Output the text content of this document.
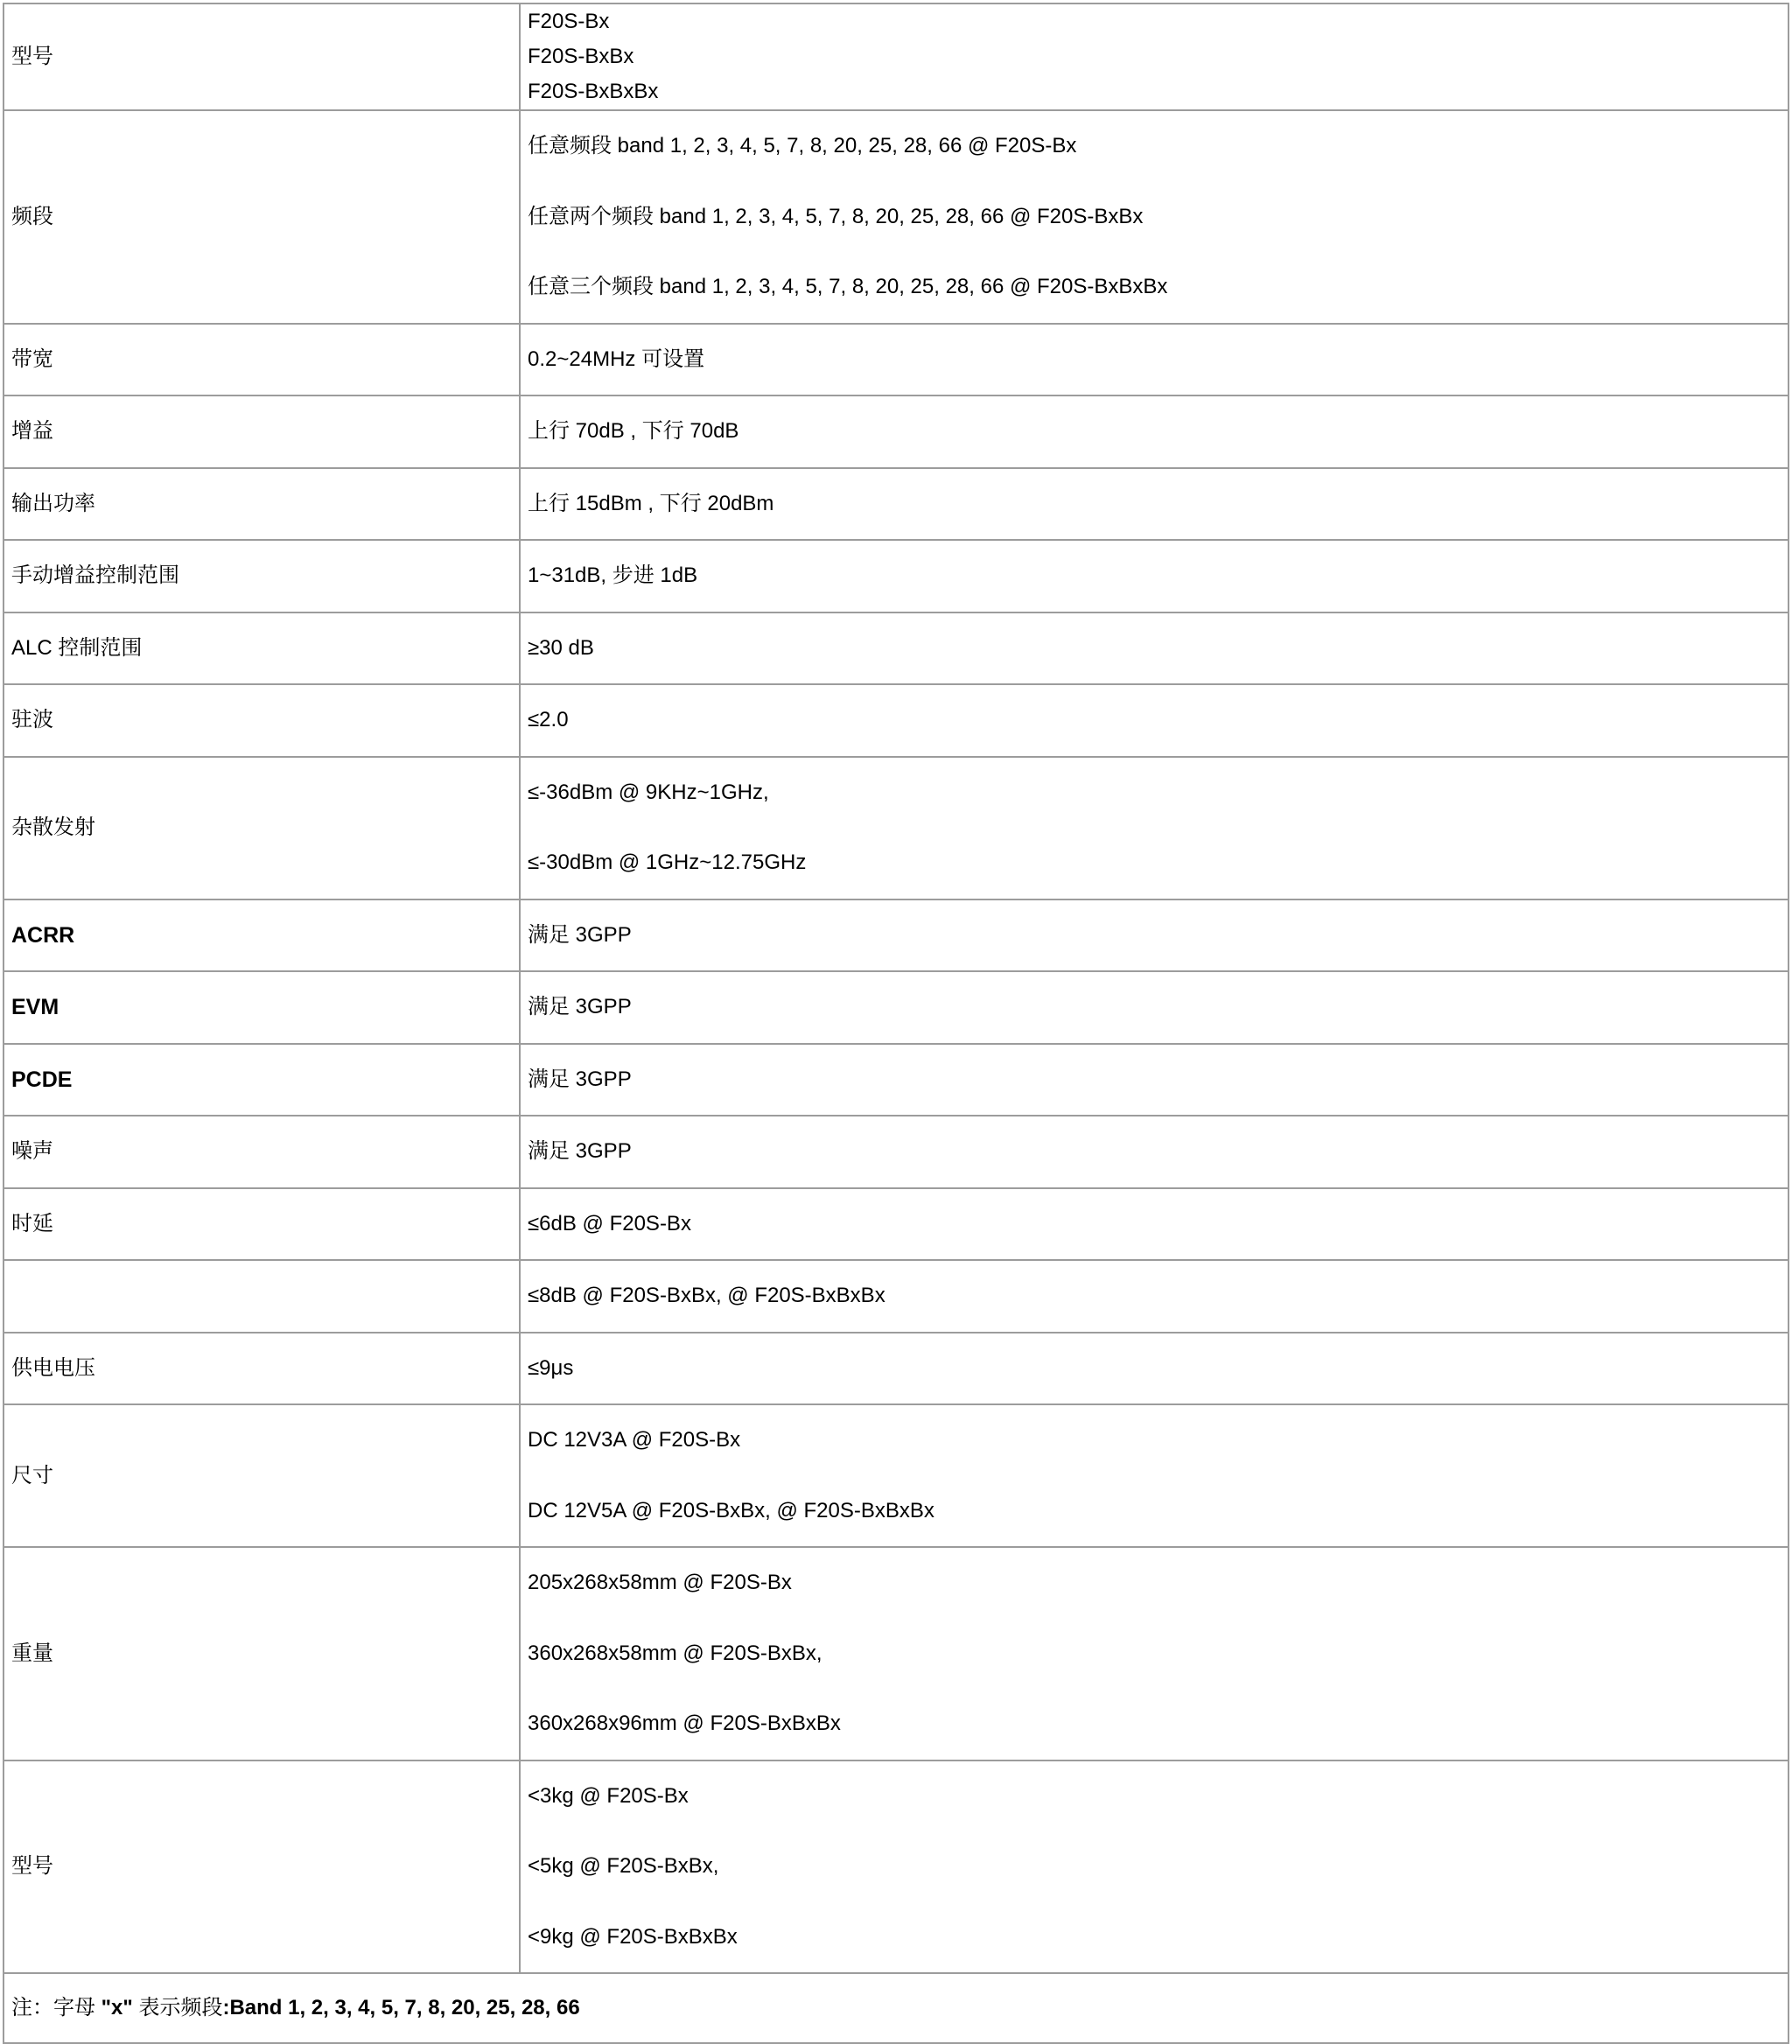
型号	F20S-Bx
F20S-BxBx
F20S-BxBxBx

频段	任意频段 band 1, 2, 3, 4, 5, 7, 8, 20, 25, 28, 66 @ F20S-Bx
任意两个频段 band 1, 2, 3, 4, 5, 7, 8, 20, 25, 28, 66 @ F20S-BxBx
任意三个频段 band 1, 2, 3, 4, 5, 7, 8, 20, 25, 28, 66 @ F20S-BxBxBx

带宽	0.2~24MHz 可设置

增益	上行 70dB , 下行 70dB

输出功率	上行 15dBm , 下行 20dBm

手动增益控制范围	1~31dB, 步进 1dB

ALC 控制范围	≥30 dB

驻波	≤2.0

杂散发射	≤-36dBm @ 9KHz~1GHz,
≤-30dBm @ 1GHz~12.75GHz

ACRR	满足 3GPP

EVM	满足 3GPP

PCDE	满足 3GPP

噪声	满足 3GPP

时延	≤6dB @ F20S-Bx

	≤8dB @ F20S-BxBx, @ F20S-BxBxBx

供电电压	≤9μs

尺寸	DC 12V3A @ F20S-Bx
DC 12V5A @ F20S-BxBx, @ F20S-BxBxBx

重量	205x268x58mm @ F20S-Bx
360x268x58mm @ F20S-BxBx,
360x268x96mm @ F20S-BxBxBx

型号	<3kg @ F20S-Bx
<5kg @ F20S-BxBx,
<9kg @ F20S-BxBxBx

注：字母 "x" 表示频段:Band 1, 2, 3, 4, 5, 7, 8, 20, 25, 28, 66	
